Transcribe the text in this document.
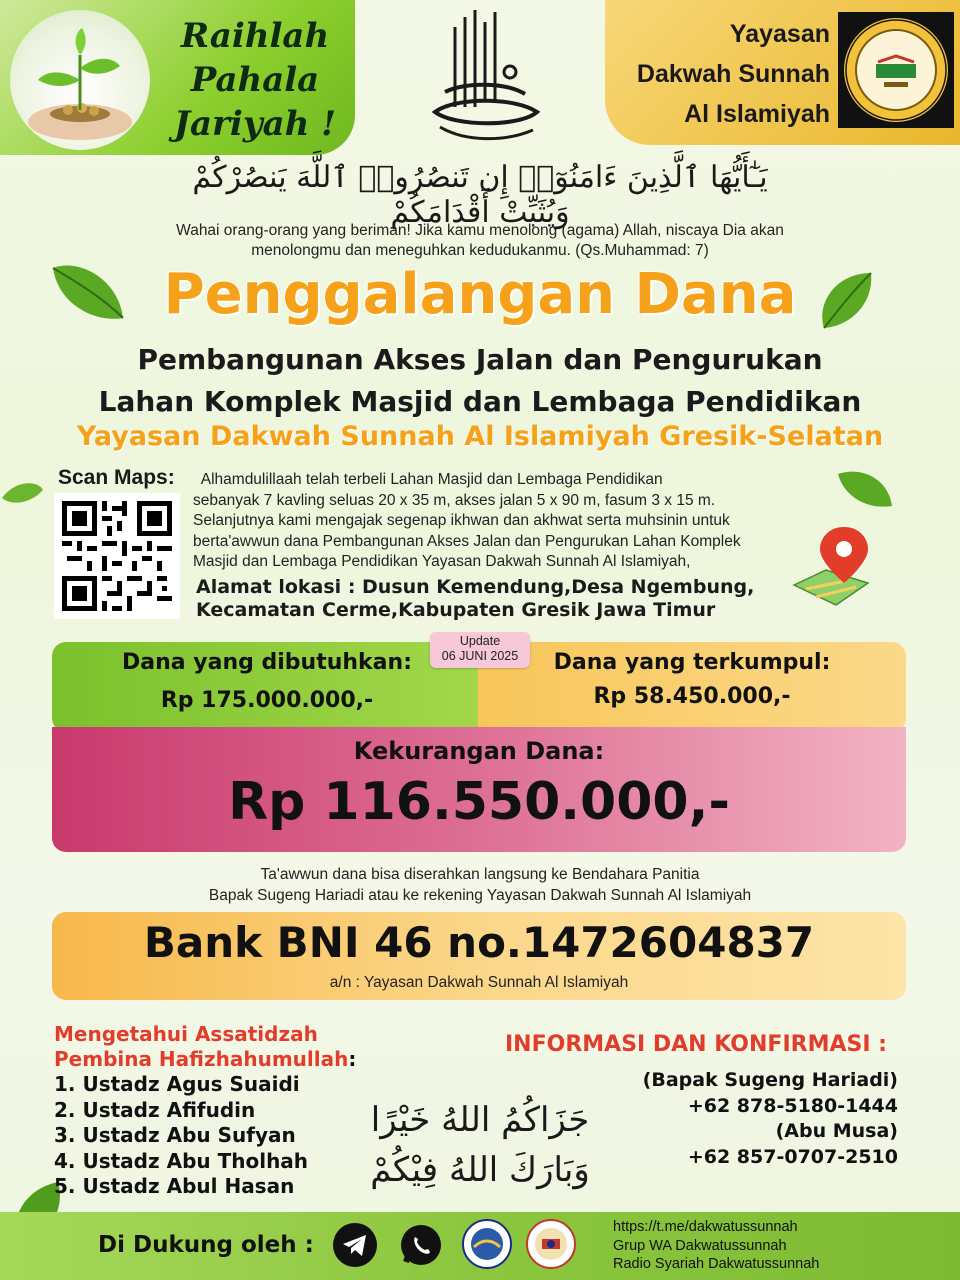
Raihlah
Pahala
Jariyah !
Yayasan
Dakwah Sunnah
Al Islamiyah
يَـٰٓأَيُّهَا ٱلَّذِينَ ءَامَنُوٓا۟ إِن تَنصُرُوا۟ ٱللَّهَ يَنصُرْكُمْ وَيُثَبِّتْ أَقْدَامَكُمْ
Wahai orang-orang yang beriman! Jika kamu menolong (agama) Allah, niscaya Dia akan
menolongmu dan meneguhkan kedudukanmu. (Qs.Muhammad: 7)
Penggalangan Dana
Pembangunan Akses Jalan dan Pengurukan
Lahan Komplek Masjid dan Lembaga Pendidikan
Yayasan Dakwah Sunnah Al Islamiyah Gresik-Selatan
Scan Maps: Alhamdulillaah telah terbeli Lahan Masjid dan Lembaga Pendidikan

sebanyak 7 kavling seluas 20 x 35 m, akses jalan 5 x 90 m, fasum 3 x 15 m.

Selanjutnya kami mengajak segenap ikhwan dan akhwat serta muhsinin untuk

berta'awwun dana Pembangunan Akses Jalan dan Pengurukan Lahan Komplek

Masjid dan Lembaga Pendidikan Yayasan Dakwah Sunnah Al Islamiyah,

Alamat lokasi : Dusun Kemendung,Desa Ngembung,
Kecamatan Cerme,Kabupaten Gresik Jawa Timur
Dana yang dibutuhkan:
Rp 175.000.000,-
Dana yang terkumpul:
Rp 58.450.000,-
Update
06 JUNI 2025
Kekurangan Dana:
Rp 116.550.000,-
Ta'awwun dana bisa diserahkan langsung ke Bendahara Panitia
Bapak Sugeng Hariadi atau ke rekening Yayasan Dakwah Sunnah Al Islamiyah
Bank BNI 46 no.1472604837
a/n : Yayasan Dakwah Sunnah Al Islamiyah
Mengetahui Assatidzah
Pembina Hafizhahumullah:
1. Ustadz Agus Suaidi
2. Ustadz Afifudin
3. Ustadz Abu Sufyan
4. Ustadz Abu Tholhah
5. Ustadz Abul Hasan
INFORMASI DAN KONFIRMASI :
(Bapak Sugeng Hariadi)
+62 878-5180-1444
(Abu Musa)
+62 857-0707-2510
جَزَاكُمُ اللهُ خَيْرًا
وَبَارَكَ اللهُ فِيْكُمْ
Di Dukung oleh :
https://t.me/dakwatussunnah
Grup WA Dakwatussunnah
Radio Syariah Dakwatussunnah
